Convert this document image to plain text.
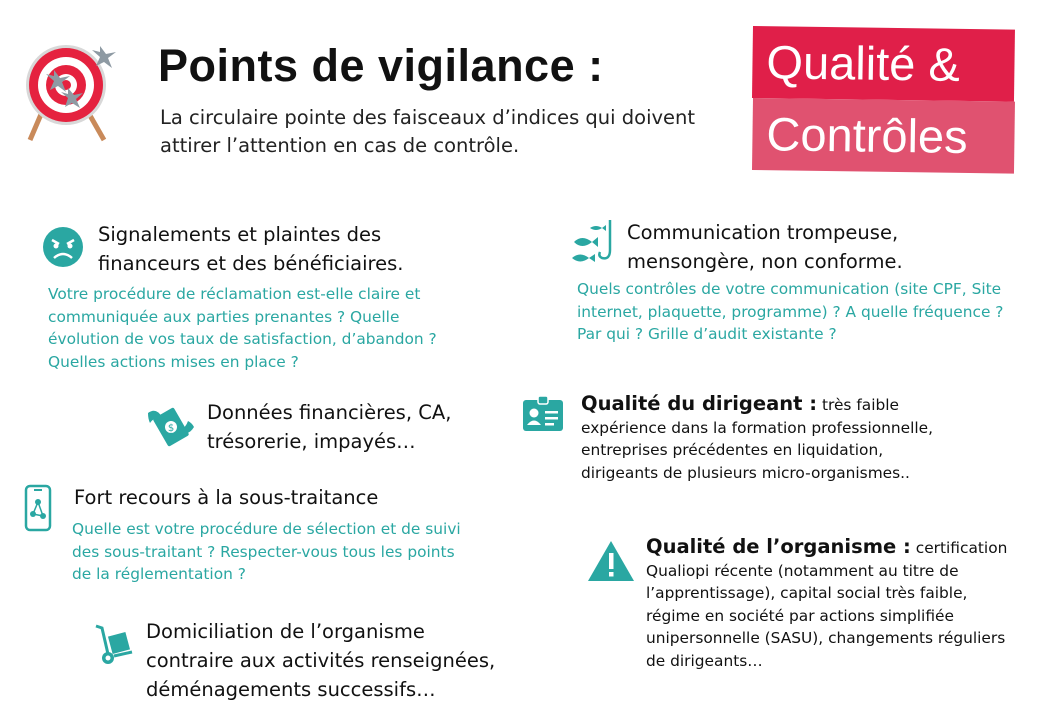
Points de vigilance :
La circulaire pointe des faisceaux d’indices qui doivent attirer l’attention en cas de contrôle.
Qualité &
Contrôles
Signalements et plaintes des financeurs et des bénéficiaires.
Votre procédure de réclamation est-elle claire et communiquée aux parties prenantes ? Quelle évolution de vos taux de satisfaction, d’abandon ? Quelles actions mises en place ?
$
Données financières, CA, trésorerie, impayés…
Fort recours à la sous-traitance
Quelle est votre procédure de sélection et de suivi des sous-traitant ? Respecter-vous tous les points de la réglementation ?
Domiciliation de l’organisme contraire aux activités renseignées, déménagements successifs…
Communication trompeuse, mensongère, non conforme.
Quels contrôles de votre communication (site CPF, Site internet, plaquette, programme) ? A quelle fréquence ? Par qui ? Grille d’audit existante ?
Qualité du dirigeant : très faible expérience dans la formation professionnelle, entreprises précédentes en liquidation, dirigeants de plusieurs micro-organismes..
Qualité de l’organisme : certification Qualiopi récente (notamment au titre de l’apprentissage), capital social très faible, régime en société par actions simplifiée unipersonnelle (SASU), changements réguliers de dirigeants…
